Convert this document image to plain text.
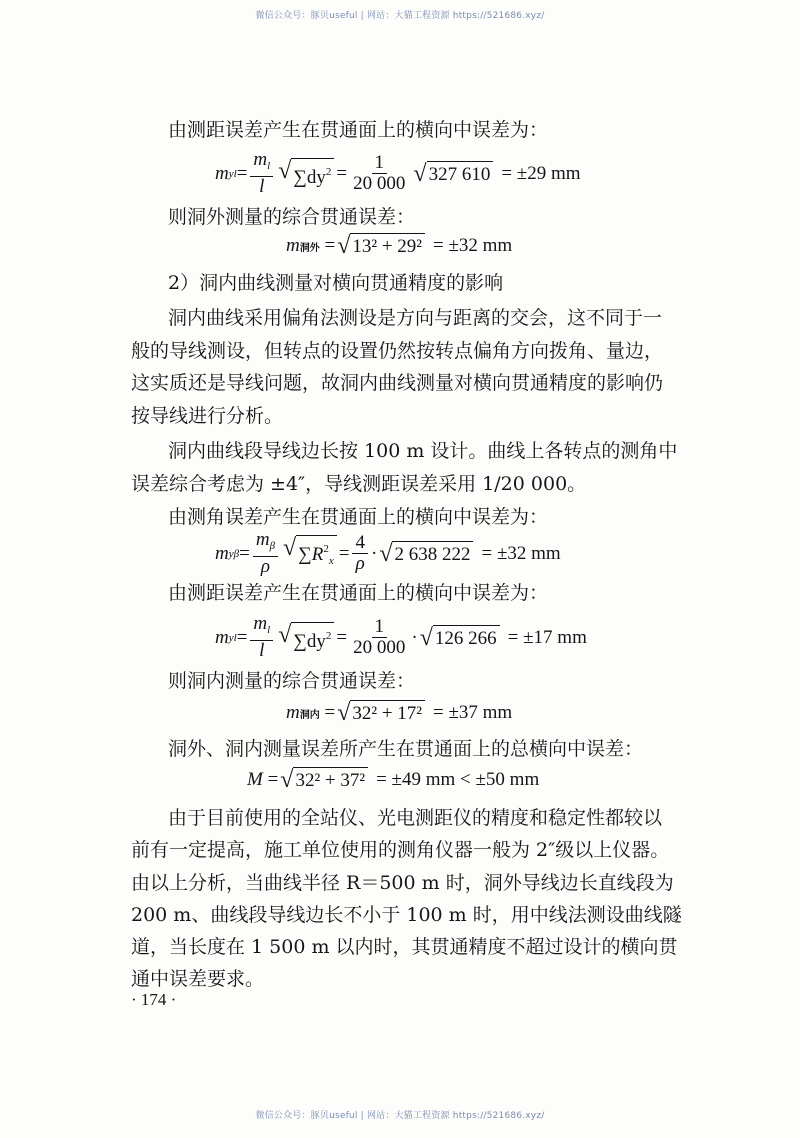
微信公众号：豚贝useful | 网站：大猫工程资源 https://521686.xyz/
由测距误差产生在贯通面上的横向中误差为：
m yl = $\frac{m_l}{l}$ √ $\sum dy^2 = \frac{1}{20 000}$ √ 327 610 = ±29 mm
则洞外测量的综合贯通误差：
m 洞外 = √ 13² + 29² = ±32 mm
2）洞内曲线测量对横向贯通精度的影响
洞内曲线采用偏角法测设是方向与距离的交会，这不同于一
般的导线测设，但转点的设置仍然按转点偏角方向拨角、量边，
这实质还是导线问题，故洞内曲线测量对横向贯通精度的影响仍
按导线进行分析。
洞内曲线段导线边长按 100 m 设计。曲线上各转点的测角中
误差综合考虑为 ±4″，导线测距误差采用 1/20 000。
由测角误差产生在贯通面上的横向中误差为：
m $y\beta = \frac{m_\beta}{\rho}$ √ $\sum R^2_x = \frac{4}{\rho}$ · √ 2 638 222 = ±32 mm
由测距误差产生在贯通面上的横向中误差为：
m yl = $\frac{m_l}{l}$ √ $\sum dy^2 = \frac{1}{20 000}$ · √ 126 266 = ±17 mm
则洞内测量的综合贯通误差：
m 洞内 = √ 32² + 17² = ±37 mm
洞外、洞内测量误差所产生在贯通面上的总横向中误差：
M = √ 32² + 37² = ±49 mm < ±50 mm
由于目前使用的全站仪、光电测距仪的精度和稳定性都较以
前有一定提高，施工单位使用的测角仪器一般为 2″级以上仪器。
由以上分析，当曲线半径 R＝500 m 时，洞外导线边长直线段为
200 m、曲线段导线边长不小于 100 m 时，用中线法测设曲线隧
道，当长度在 1 500 m 以内时，其贯通精度不超过设计的横向贯
通中误差要求。
· 174 ·
微信公众号：豚贝useful | 网站：大猫工程资源 https://521686.xyz/
